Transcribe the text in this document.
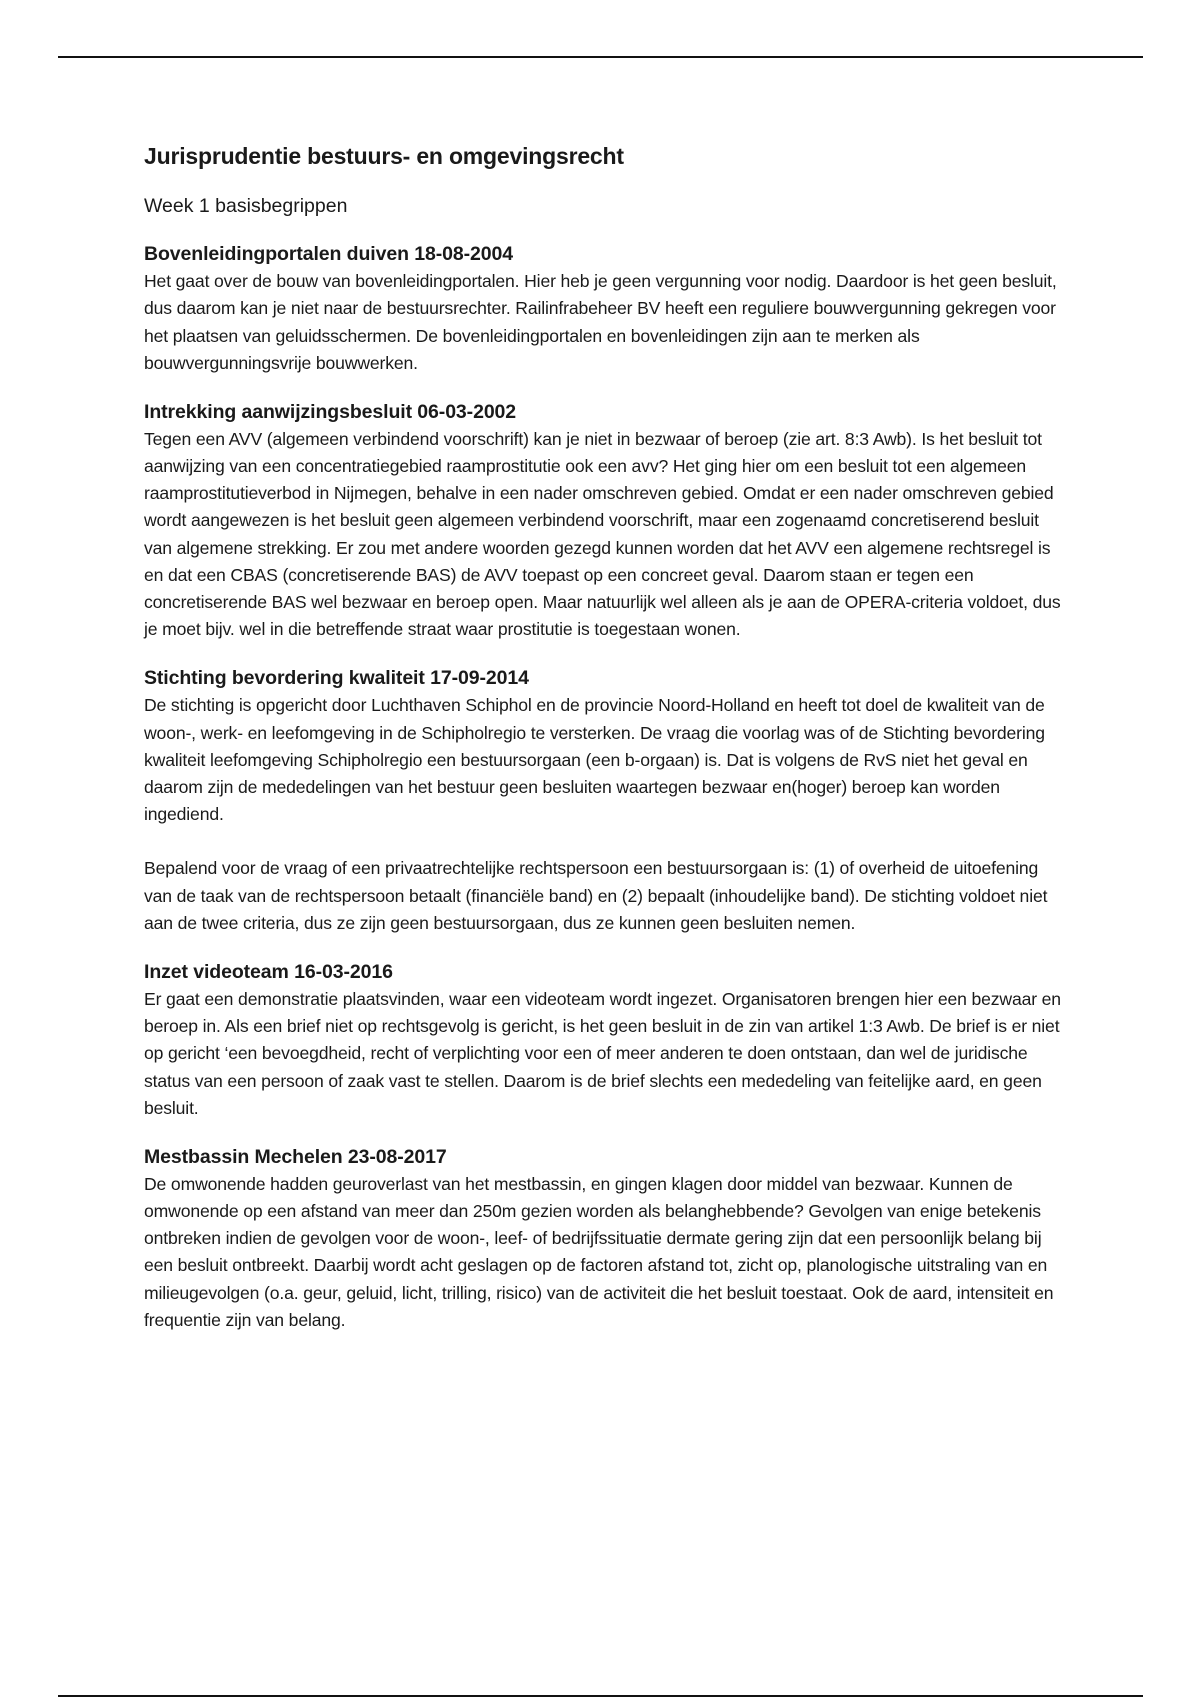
Jurisprudentie bestuurs- en omgevingsrecht

Week 1 basisbegrippen

Bovenleidingportalen duiven 18-08-2004

Het gaat over de bouw van bovenleidingportalen. Hier heb je geen vergunning voor nodig. Daardoor is het geen besluit, dus daarom kan je niet naar de bestuursrechter. Railinfrabeheer BV heeft een reguliere bouwvergunning gekregen voor het plaatsen van geluidsschermen. De bovenleidingportalen en bovenleidingen zijn aan te merken als bouwvergunningsvrije bouwwerken.

Intrekking aanwijzingsbesluit 06-03-2002

Tegen een AVV (algemeen verbindend voorschrift) kan je niet in bezwaar of beroep (zie art. 8:3 Awb). Is het besluit tot aanwijzing van een concentratiegebied raamprostitutie ook een avv? Het ging hier om een besluit tot een algemeen raamprostitutieverbod in Nijmegen, behalve in een nader omschreven gebied. Omdat er een nader omschreven gebied wordt aangewezen is het besluit geen algemeen verbindend voorschrift, maar een zogenaamd concretiserend besluit van algemene strekking. Er zou met andere woorden gezegd kunnen worden dat het AVV een algemene rechtsregel is en dat een CBAS (concretiserende BAS) de AVV toepast op een concreet geval. Daarom staan er tegen een concretiserende BAS wel bezwaar en beroep open. Maar natuurlijk wel alleen als je aan de OPERA-criteria voldoet, dus je moet bijv. wel in die betreffende straat waar prostitutie is toegestaan wonen.

Stichting bevordering kwaliteit 17-09-2014

De stichting is opgericht door Luchthaven Schiphol en de provincie Noord-Holland en heeft tot doel de kwaliteit van de woon-, werk- en leefomgeving in de Schipholregio te versterken. De vraag die voorlag was of de Stichting bevordering kwaliteit leefomgeving Schipholregio een bestuursorgaan (een b-orgaan) is. Dat is volgens de RvS niet het geval en daarom zijn de mededelingen van het bestuur geen besluiten waartegen bezwaar en(hoger) beroep kan worden ingediend.

Bepalend voor de vraag of een privaatrechtelijke rechtspersoon een bestuursorgaan is: (1) of overheid de uitoefening van de taak van de rechtspersoon betaalt (financiële band) en (2) bepaalt (inhoudelijke band). De stichting voldoet niet aan de twee criteria, dus ze zijn geen bestuursorgaan, dus ze kunnen geen besluiten nemen.

Inzet videoteam 16-03-2016

Er gaat een demonstratie plaatsvinden, waar een videoteam wordt ingezet. Organisatoren brengen hier een bezwaar en beroep in. Als een brief niet op rechtsgevolg is gericht, is het geen besluit in de zin van artikel 1:3 Awb. De brief is er niet op gericht ‘een bevoegdheid, recht of verplichting voor een of meer anderen te doen ontstaan, dan wel de juridische status van een persoon of zaak vast te stellen. Daarom is de brief slechts een mededeling van feitelijke aard, en geen besluit.

Mestbassin Mechelen 23-08-2017

De omwonende hadden geuroverlast van het mestbassin, en gingen klagen door middel van bezwaar. Kunnen de omwonende op een afstand van meer dan 250m gezien worden als belanghebbende? Gevolgen van enige betekenis ontbreken indien de gevolgen voor de woon-, leef- of bedrijfssituatie dermate gering zijn dat een persoonlijk belang bij een besluit ontbreekt. Daarbij wordt acht geslagen op de factoren afstand tot, zicht op, planologische uitstraling van en milieugevolgen (o.a. geur, geluid, licht, trilling, risico) van de activiteit die het besluit toestaat. Ook de aard, intensiteit en frequentie zijn van belang.
